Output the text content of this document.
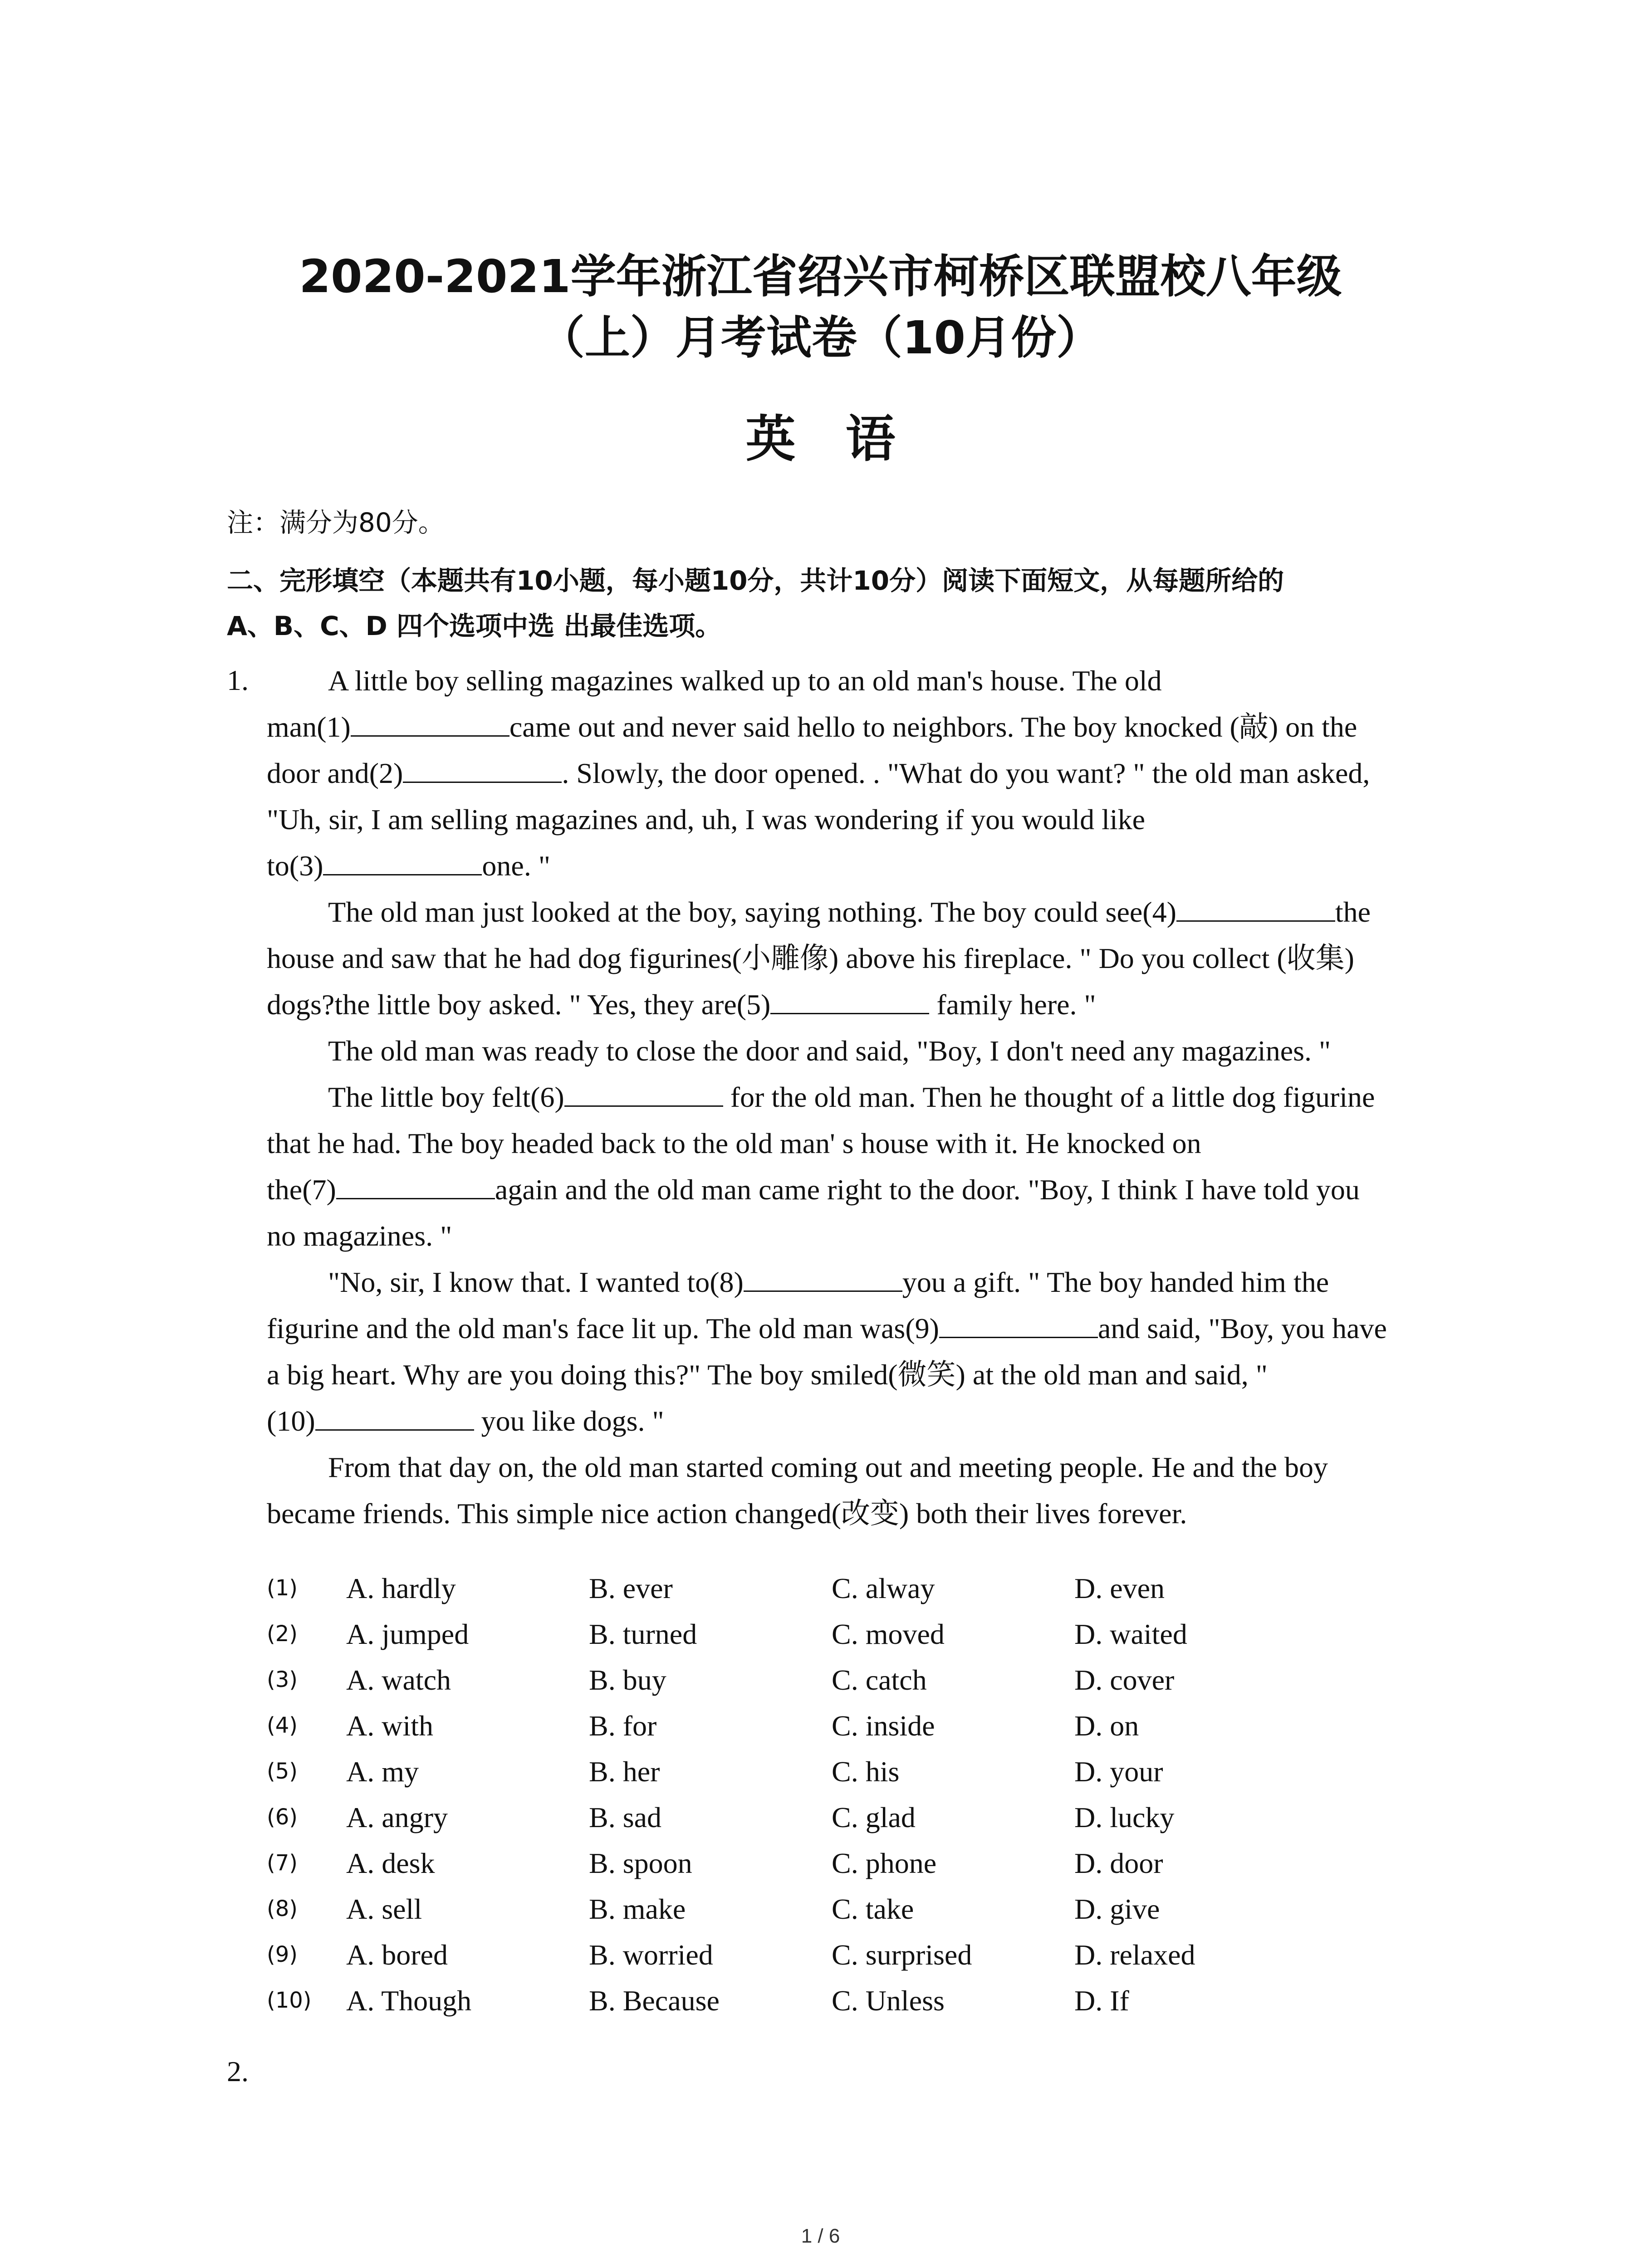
2020-2021学年浙江省绍兴市柯桥区联盟校八年级
（上）月考试卷（10月份）
英语
注：满分为80分。
二、完形填空（本题共有10小题，每小题10分，共计10分）阅读下面短文，从每题所给的
A、B、C、D 四个选项中选 出最佳选项。
1.	A little boy selling magazines walked up to an old man's house. The old
man(1)	came out and never said hello to neighbors. The boy knocked (敲) on the
door and(2)	. Slowly, the door opened. . "What do you want? " the old man asked,
"Uh, sir, I am selling magazines and, uh, I was wondering if you would like
to(3)	one. "
The old man just looked at the boy, saying nothing. The boy could see(4)	the
house and saw that he had dog figurines(小雕像) above his fireplace. " Do you collect (收集)
dogs?the little boy asked. " Yes, they are(5)	family here. "
The old man was ready to close the door and said, "Boy, I don't need any magazines. "
The little boy felt(6)	for the old man. Then he thought of a little dog figurine
that he had. The boy headed back to the old man' s house with it. He knocked on
the(7)	again and the old man came right to the door. "Boy, I think I have told you
no magazines. "
"No, sir, I know that. I wanted to(8)	you a gift. " The boy handed him the
figurine and the old man's face lit up. The old man was(9)	and said, "Boy, you have
a big heart. Why are you doing this?" The boy smiled(微笑) at the old man and said, "
(10)	you like dogs. "
From that day on, the old man started coming out and meeting people. He and the boy
became friends. This simple nice action changed(改变) both their lives forever.
(1) A. hardly	B. ever	C. alway	D. even
(2) A. jumped	B. turned	C. moved	D. waited
(3) A. watch	B. buy	C. catch	D. cover
(4) A. with	B. for	C. inside	D. on
(5) A. my	B. her	C. his	D. your
(6) A. angry	B. sad	C. glad	D. lucky
(7) A. desk	B. spoon	C. phone	D. door
(8) A. sell	B. make	C. take	D. give
(9) A. bored	B. worried	C. surprised	D. relaxed
(10) A. Though	B. Because	C. Unless	D. If
2.
1 / 6
